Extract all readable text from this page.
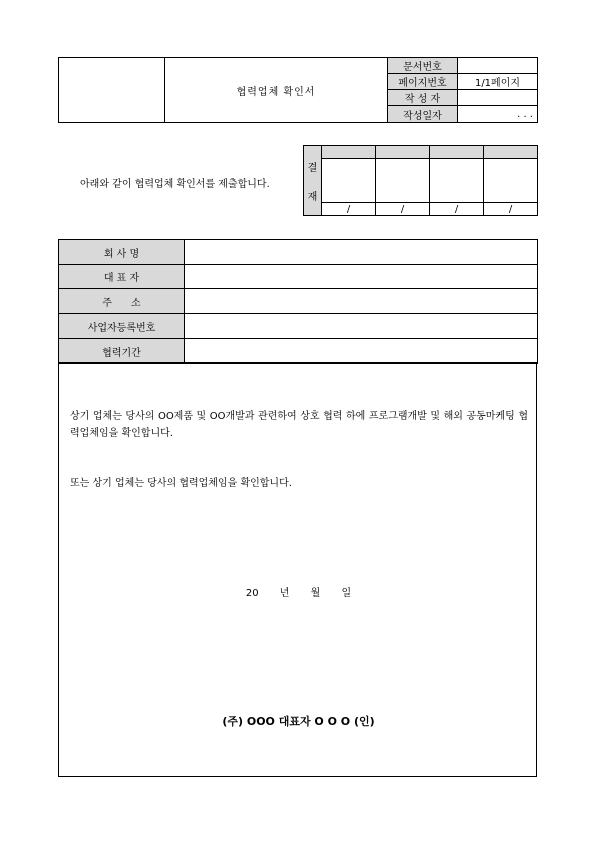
	협력업체 확인서	문서번호	
		페이지번호	1/1페이지
		작 성 자	
		작성일자	. . .
아래와 같이 협력업체 확인서를 제출합니다.
결
재				

	/	/	/	/
회 사 명	
대 표 자	
주      소	
사업자등록번호	
협력기간	
상기 업체는 당사의 OO제품 및 OO개발과 관련하여 상호 협력 하에 프로그램개발 및 해외 공동마케팅 협력업체임을 확인합니다.
또는 상기 업체는 당사의 협력업체임을 확인합니다.
20 년 월 일
(주) OOO 대표자 O O O (인)
